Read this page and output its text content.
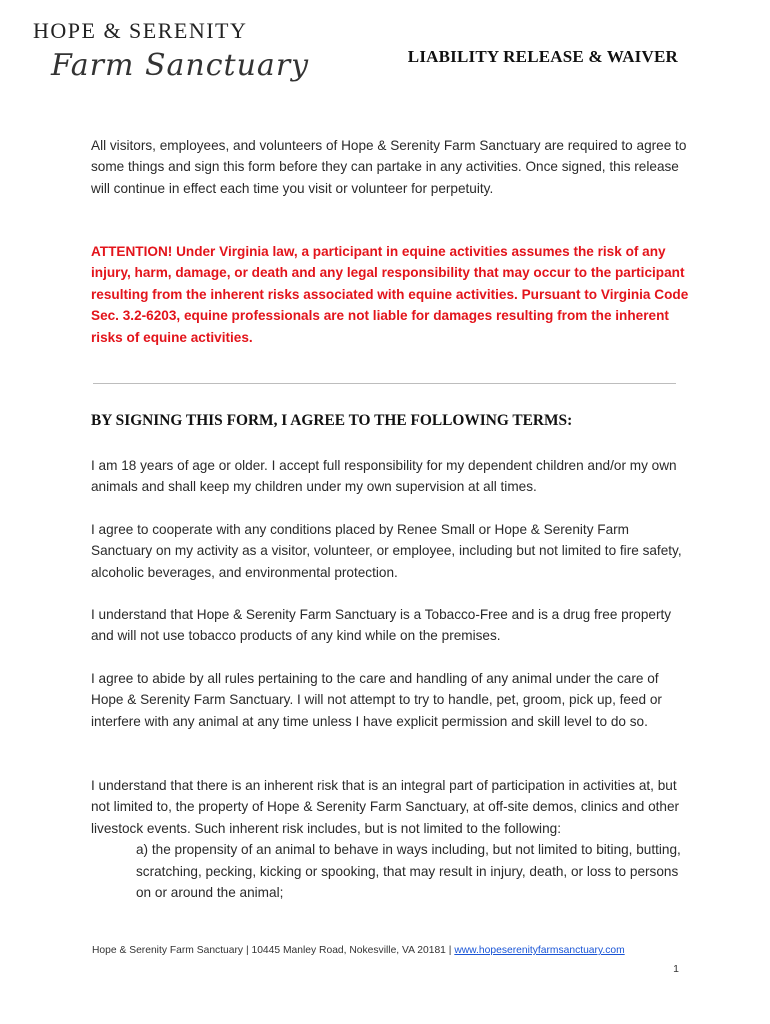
HOPE & SERENITY
Farm Sanctuary	LIABILITY RELEASE & WAIVER

All visitors, employees, and volunteers of Hope & Serenity Farm Sanctuary are required to agree to some things and sign this form before they can partake in any activities. Once signed, this release will continue in effect each time you visit or volunteer for perpetuity.

ATTENTION! Under Virginia law, a participant in equine activities assumes the risk of any injury, harm, damage, or death and any legal responsibility that may occur to the participant resulting from the inherent risks associated with equine activities. Pursuant to Virginia Code Sec. 3.2-6203, equine professionals are not liable for damages resulting from the inherent risks of equine activities.

BY SIGNING THIS FORM, I AGREE TO THE FOLLOWING TERMS:

I am 18 years of age or older. I accept full responsibility for my dependent children and/or my own animals and shall keep my children under my own supervision at all times.

I agree to cooperate with any conditions placed by Renee Small or Hope & Serenity Farm Sanctuary on my activity as a visitor, volunteer, or employee, including but not limited to fire safety, alcoholic beverages, and environmental protection.

I understand that Hope & Serenity Farm Sanctuary is a Tobacco-Free and is a drug free property and will not use tobacco products of any kind while on the premises.

I agree to abide by all rules pertaining to the care and handling of any animal under the care of Hope & Serenity Farm Sanctuary. I will not attempt to try to handle, pet, groom, pick up, feed or interfere with any animal at any time unless I have explicit permission and skill level to do so.

I understand that there is an inherent risk that is an integral part of participation in activities at, but not limited to, the property of Hope & Serenity Farm Sanctuary, at off-site demos, clinics and other livestock events. Such inherent risk includes, but is not limited to the following:

a) the propensity of an animal to behave in ways including, but not limited to biting, butting, scratching, pecking, kicking or spooking, that may result in injury, death, or loss to persons on or around the animal;

Hope & Serenity Farm Sanctuary | 10445 Manley Road, Nokesville, VA 20181 | www.hopeserenityfarmsanctuary.com
1
